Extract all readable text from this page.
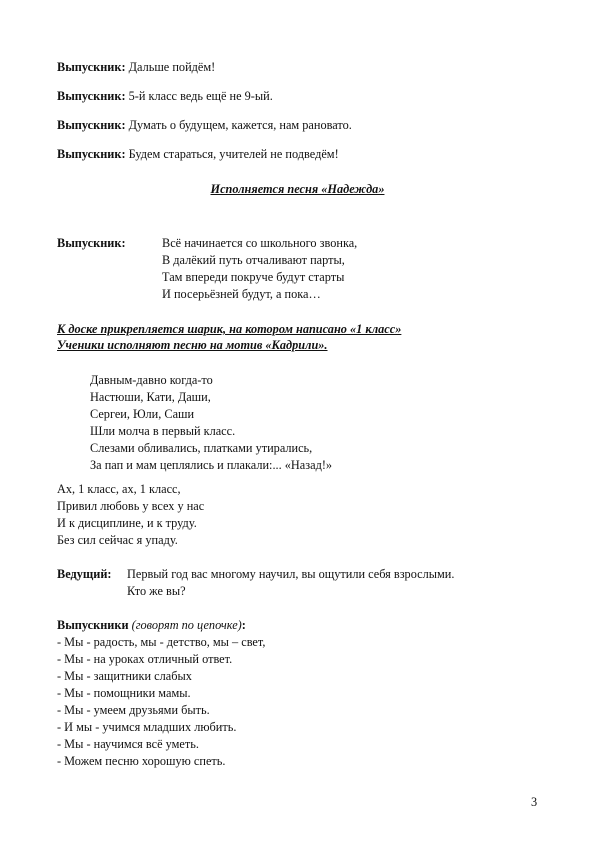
Выпускник: Дальше пойдём!
Выпускник: 5-й класс ведь ещё не 9-ый.
Выпускник: Думать о будущем, кажется, нам рановато.
Выпускник: Будем стараться, учителей не подведём!
Исполняется песня «Надежда»
Выпускник:	Всё начинается со школьного звонка,
В далёкий путь отчаливают парты,
Там впереди покруче будут старты
И посерьёзней будут, а пока…
К доске прикрепляется шарик, на котором написано «1 класс»
Ученики исполняют песню на мотив «Кадрили».
Давным-давно когда-то
Настюши, Кати, Даши,
Сергеи, Юли, Саши
Шли молча в первый класс.
Слезами обливались, платками утирались,
За пап и мам цеплялись и плакали:... «Назад!»
Ах, 1 класс, ах, 1 класс,
Привил любовь у всех у нас
И к дисциплине, и к труду.
Без сил сейчас я упаду.
Ведущий: Первый год вас многому научил, вы ощутили себя взрослыми.
Кто же вы?
Выпускники (говорят по цепочке):
- Мы - радость, мы - детство, мы – свет,
- Мы - на уроках отличный ответ.
- Мы - защитники слабых
- Мы - помощники мамы.
- Мы - умеем друзьями быть.
- И мы - учимся младших любить.
- Мы - научимся всё уметь.
- Можем песню хорошую спеть.
3
